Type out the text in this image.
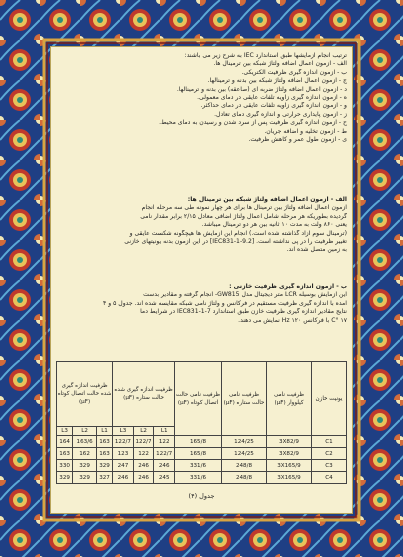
ترتیب انجام آزمایشها طبق استاندارد IEC به شرح زیر می باشند:

الف - آزمون اعمال اضافه ولتاژ شبکه بین ترمینال ها.

ب - آزمون اندازه گیری ظرفیت الکتریکی.

ج - آزمون اعمال اضافه ولتاژ شبکه بین بدنه و ترمینالها.

د - آزمون اعمال اضافه ولتاژ ضربه ای (صاعقه) بین بدنه و ترمینالها.

ه - آزمون اندازه گیری زاویه تلفات عایقی در دمای معمولی.

و - آزمون اندازه گیری زاویه تلفات عایقی در دمای حداکثر.

ز - آزمون پایداری حرارتی و اندازه گیری دمای تعادل.

ح - آزمون اندازه گیری ظرفیت پس از سرد شدن و رسیدن به دمای محیط.

ط - آزمون تخلیه و اضافه جریان.

ی - آزمون طول عمر و کاهش ظرفیت.

الف - آزمون اعمال اضافه ولتاژ شبکه بین ترمینال ها:

آزمون اعمال اضافه ولتاژ بین ترمینال ها برای هر چهار نمونه طی سه مرحله انجام

گردیده بطوریکه هر مرحله شامل اعمال ولتاژ اضافی معادل ۲/۱۵ برابر مقدار نامی

یعنی ۸۶۰ ولت به مدت ۱۰ ثانیه بین هر دو ترمینال میباشد.

(ترمینال سوم آزاد گذاشته شده است.) انجام این آزمایش ها هیچگونه شکست عایقی و

تغییر ظرفیت را در پی نداشته است. [9.2-1-IEC831] در این آزمون بدنه یونیتهای خازنی

به زمین متصل شده اند.

ب - آزمون اندازه گیری ظرفیت خازنی :

این آزمایش بوسیله LCR متر دیجیتال مدل GW815- انجام گرفته و مقادیر بدست

آمده با اندازه گیری ظرفیت مستقیم در فرکانس و ولتاژ نامی شبکه مقایسه شده اند. جدول ۵ و ۴

نتایج مقادیر اندازه گیری ظرفیت خازن طبق استاندارد IEC831-1-7 در شرایط دما

C° ۱۷ با فرکانس Hz ۱۲۰ نمایش می دهند.

یونیت خازن	ظرفیت نامی کیلووار (μF)	ظرفیت نامی حالت ستاره (μF)	ظرفیت نامی حالت اتصال کوتاه (μF)	ظرفیت اندازه گیری شده حالت ستاره (μF)			ظرفیت اندازه گیری شده حالت اتصال کوتاه (μF)		
				L1	L2	L3	L1	L2	L3
C1	3X82/9	124/25	165/8	122	122/7	122/7	163	163/6	164
C2	3X82/9	124/25	165/8	122/7	122	123	163	162	163
C3	3X165/9	248/8	331/6	246	246	247	329	329	330
C4	3X165/9	248/8	331/6	245	246	246	327	329	329
جدول (۴)
